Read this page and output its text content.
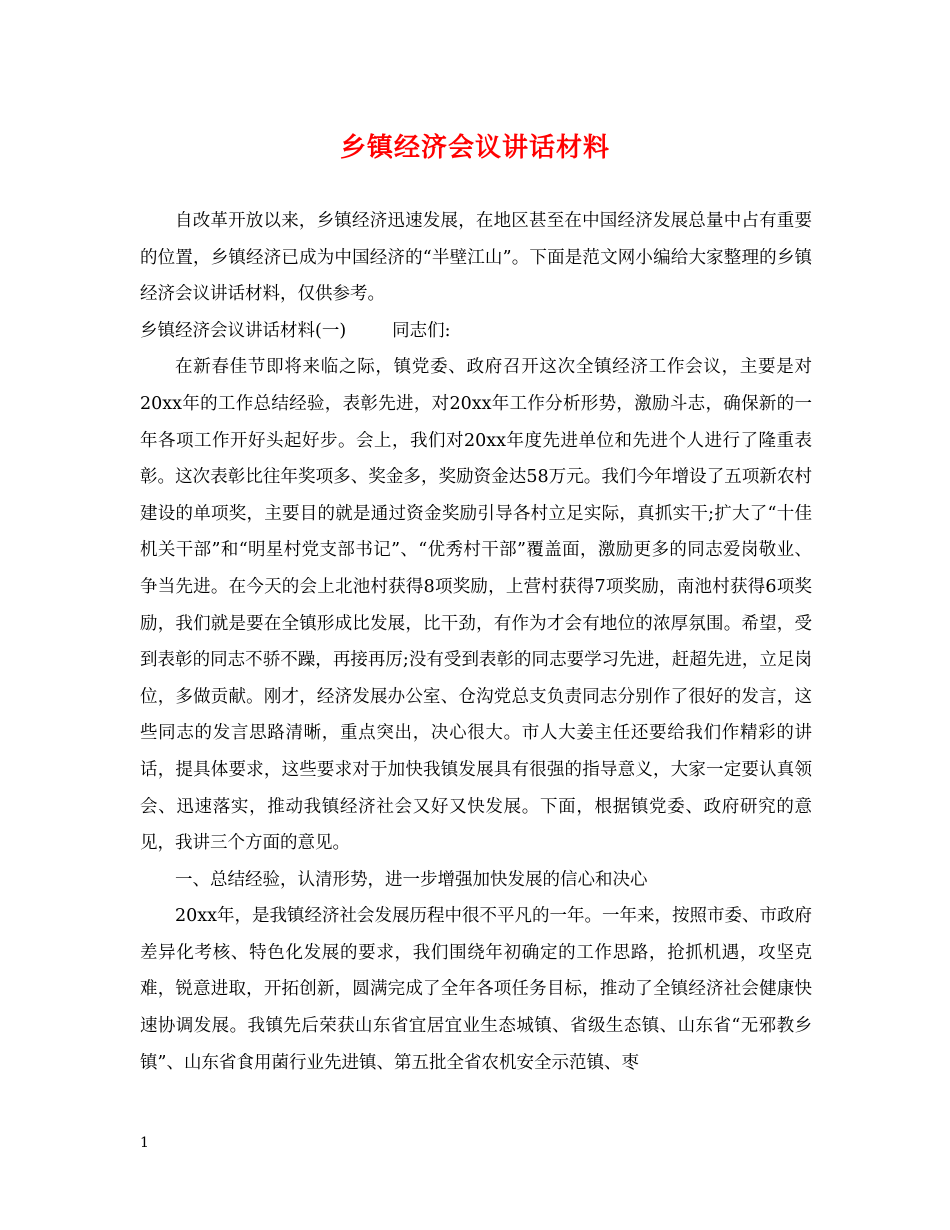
乡镇经济会议讲话材料

自改革开放以来，乡镇经济迅速发展，在地区甚至在中国经济发展总量中占有重要的位置，乡镇经济已成为中国经济的“半壁江山”。下面是范文网小编给大家整理的乡镇经济会议讲话材料，仅供参考。

乡镇经济会议讲话材料(一)	同志们:

在新春佳节即将来临之际，镇党委、政府召开这次全镇经济工作会议，主要是对20xx年的工作总结经验，表彰先进，对20xx年工作分析形势，激励斗志，确保新的一年各项工作开好头起好步。会上，我们对20xx年度先进单位和先进个人进行了隆重表彰。这次表彰比往年奖项多、奖金多，奖励资金达58万元。我们今年增设了五项新农村建设的单项奖，主要目的就是通过资金奖励引导各村立足实际，真抓实干;扩大了“十佳机关干部”和“明星村党支部书记”、“优秀村干部”覆盖面，激励更多的同志爱岗敬业、争当先进。在今天的会上北池村获得8项奖励，上营村获得7项奖励，南池村获得6项奖励，我们就是要在全镇形成比发展，比干劲，有作为才会有地位的浓厚氛围。希望，受到表彰的同志不骄不躁，再接再厉;没有受到表彰的同志要学习先进，赶超先进，立足岗位，多做贡献。刚才，经济发展办公室、仓沟党总支负责同志分别作了很好的发言，这些同志的发言思路清晰，重点突出，决心很大。市人大姜主任还要给我们作精彩的讲话，提具体要求，这些要求对于加快我镇发展具有很强的指导意义，大家一定要认真领会、迅速落实，推动我镇经济社会又好又快发展。下面，根据镇党委、政府研究的意见，我讲三个方面的意见。

一、总结经验，认清形势，进一步增强加快发展的信心和决心

20xx年，是我镇经济社会发展历程中很不平凡的一年。一年来，按照市委、市政府差异化考核、特色化发展的要求，我们围绕年初确定的工作思路，抢抓机遇，攻坚克难，锐意进取，开拓创新，圆满完成了全年各项任务目标，推动了全镇经济社会健康快速协调发展。我镇先后荣获山东省宜居宜业生态城镇、省级生态镇、山东省“无邪教乡镇”、山东省食用菌行业先进镇、第五批全省农机安全示范镇、枣

1
